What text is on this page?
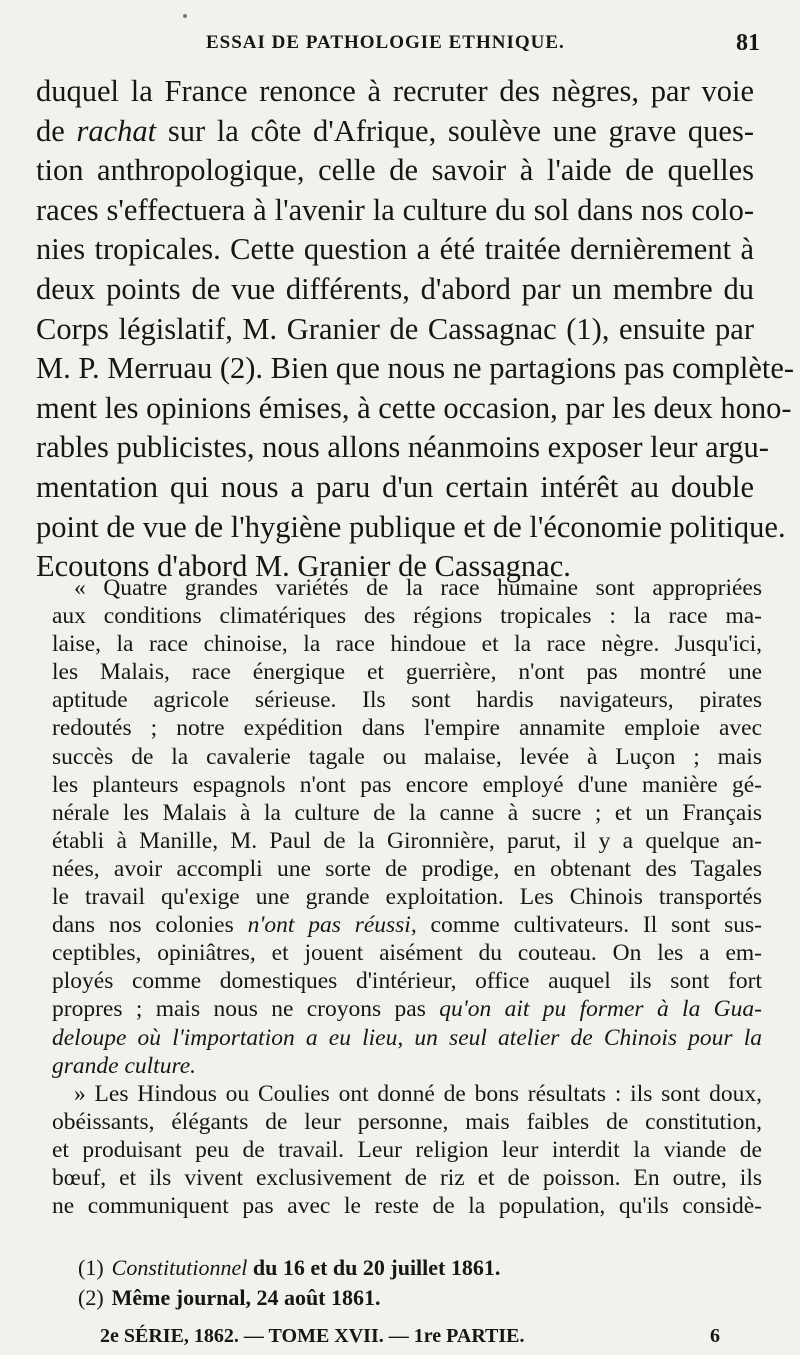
ESSAI DE PATHOLOGIE ETHNIQUE.	81
duquel la France renonce à recruter des nègres, par voie
de rachat sur la côte d'Afrique, soulève une grave ques-
tion anthropologique, celle de savoir à l'aide de quelles
races s'effectuera à l'avenir la culture du sol dans nos colo-
nies tropicales. Cette question a été traitée dernièrement à
deux points de vue différents, d'abord par un membre du
Corps législatif, M. Granier de Cassagnac (1), ensuite par
M. P. Merruau (2). Bien que nous ne partagions pas complète-
ment les opinions émises, à cette occasion, par les deux hono-
rables publicistes, nous allons néanmoins exposer leur argu-
mentation qui nous a paru d'un certain intérêt au double
point de vue de l'hygiène publique et de l'économie politique.
Ecoutons d'abord M. Granier de Cassagnac.
« Quatre grandes variétés de la race humaine sont appropriées
aux conditions climatériques des régions tropicales : la race ma-
laise, la race chinoise, la race hindoue et la race nègre. Jusqu'ici,
les Malais, race énergique et guerrière, n'ont pas montré une
aptitude agricole sérieuse. Ils sont hardis navigateurs, pirates
redoutés ; notre expédition dans l'empire annamite emploie avec
succès de la cavalerie tagale ou malaise, levée à Luçon ; mais
les planteurs espagnols n'ont pas encore employé d'une manière gé-
nérale les Malais à la culture de la canne à sucre ; et un Français
établi à Manille, M. Paul de la Gironnière, parut, il y a quelque an-
nées, avoir accompli une sorte de prodige, en obtenant des Tagales
le travail qu'exige une grande exploitation. Les Chinois transportés
dans nos colonies n'ont pas réussi, comme cultivateurs. Il sont sus-
ceptibles, opiniâtres, et jouent aisément du couteau. On les a em-
ployés comme domestiques d'intérieur, office auquel ils sont fort
propres ; mais nous ne croyons pas qu'on ait pu former à la Gua-
deloupe où l'importation a eu lieu, un seul atelier de Chinois pour la
grande culture.
» Les Hindous ou Coulies ont donné de bons résultats : ils sont doux,
obéissants, élégants de leur personne, mais faibles de constitution,
et produisant peu de travail. Leur religion leur interdit la viande de
bœuf, et ils vivent exclusivement de riz et de poisson. En outre, ils
ne communiquent pas avec le reste de la population, qu'ils considè-
(1) Constitutionnel du 16 et du 20 juillet 1861.
(2) Même journal, 24 août 1861.
2e SÉRIE, 1862. — TOME XVII. — 1re PARTIE.	6
